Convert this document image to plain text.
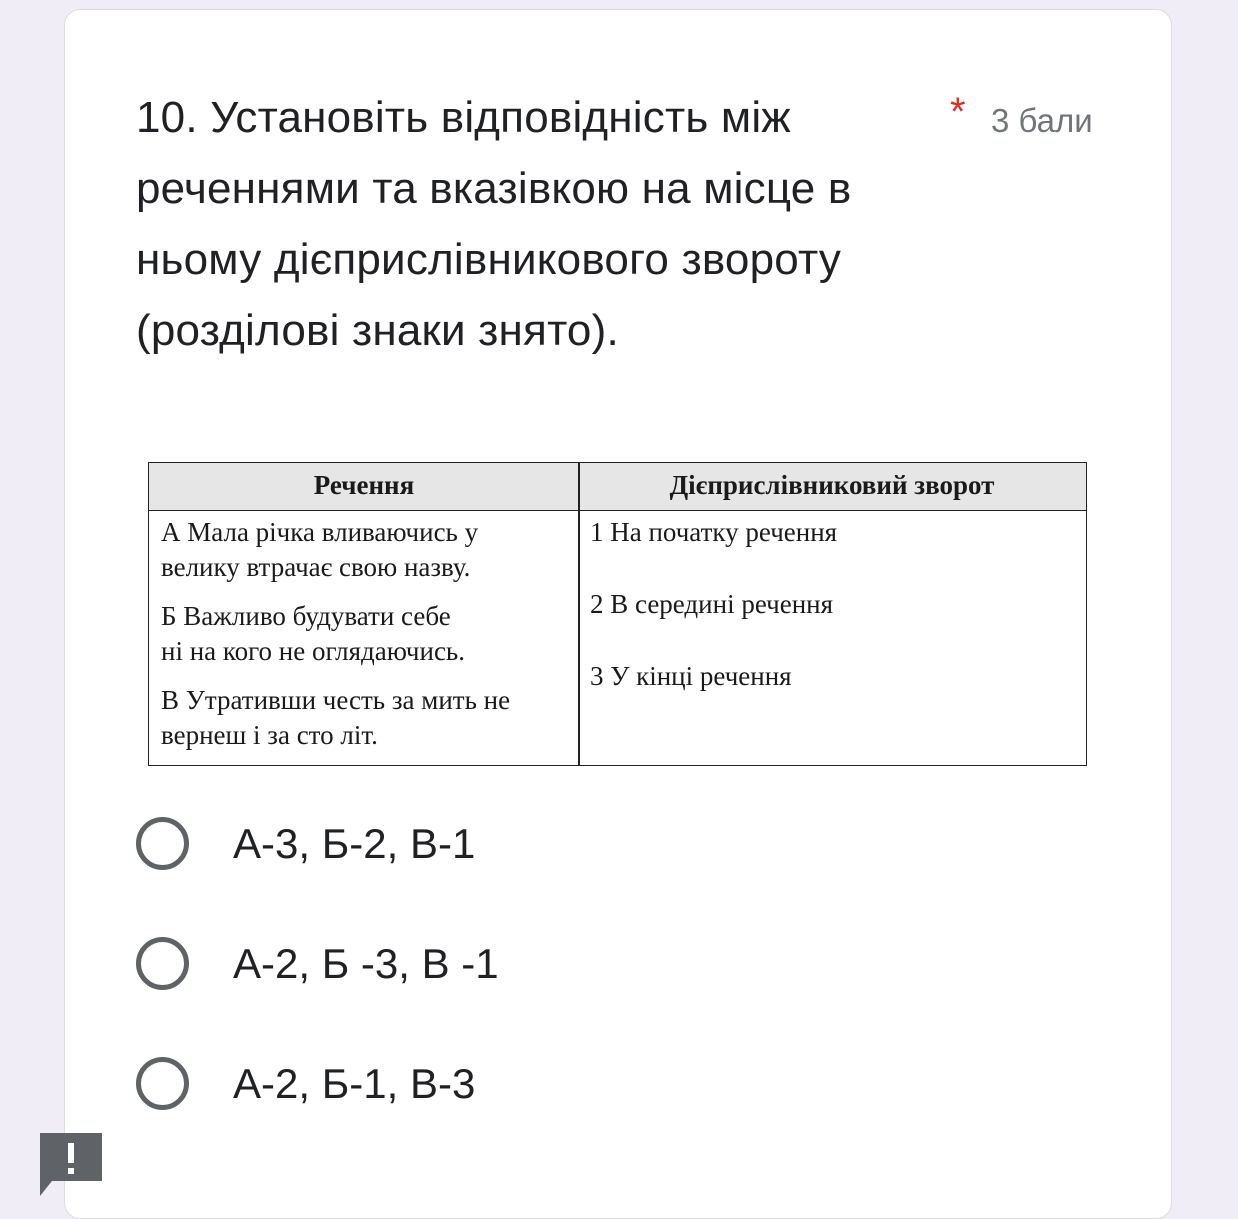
10. Установіть відповідність між реченнями та вказівкою на місце в ньому дієприслівникового звороту (розділові знаки знято).
* 3 бали
Речення	Дієприслівниковий зворот
А Мала річка вливаючись у
велику втрачає свою назву.
Б Важливо будувати себе
ні на кого не оглядаючись.
В Утративши честь за мить не
вернеш і за сто літ.
1 На початку речення
2 В середині речення
3 У кінці речення
А-3, Б-2, В-1
А-2, Б -3, В -1
А-2, Б-1, В-3
